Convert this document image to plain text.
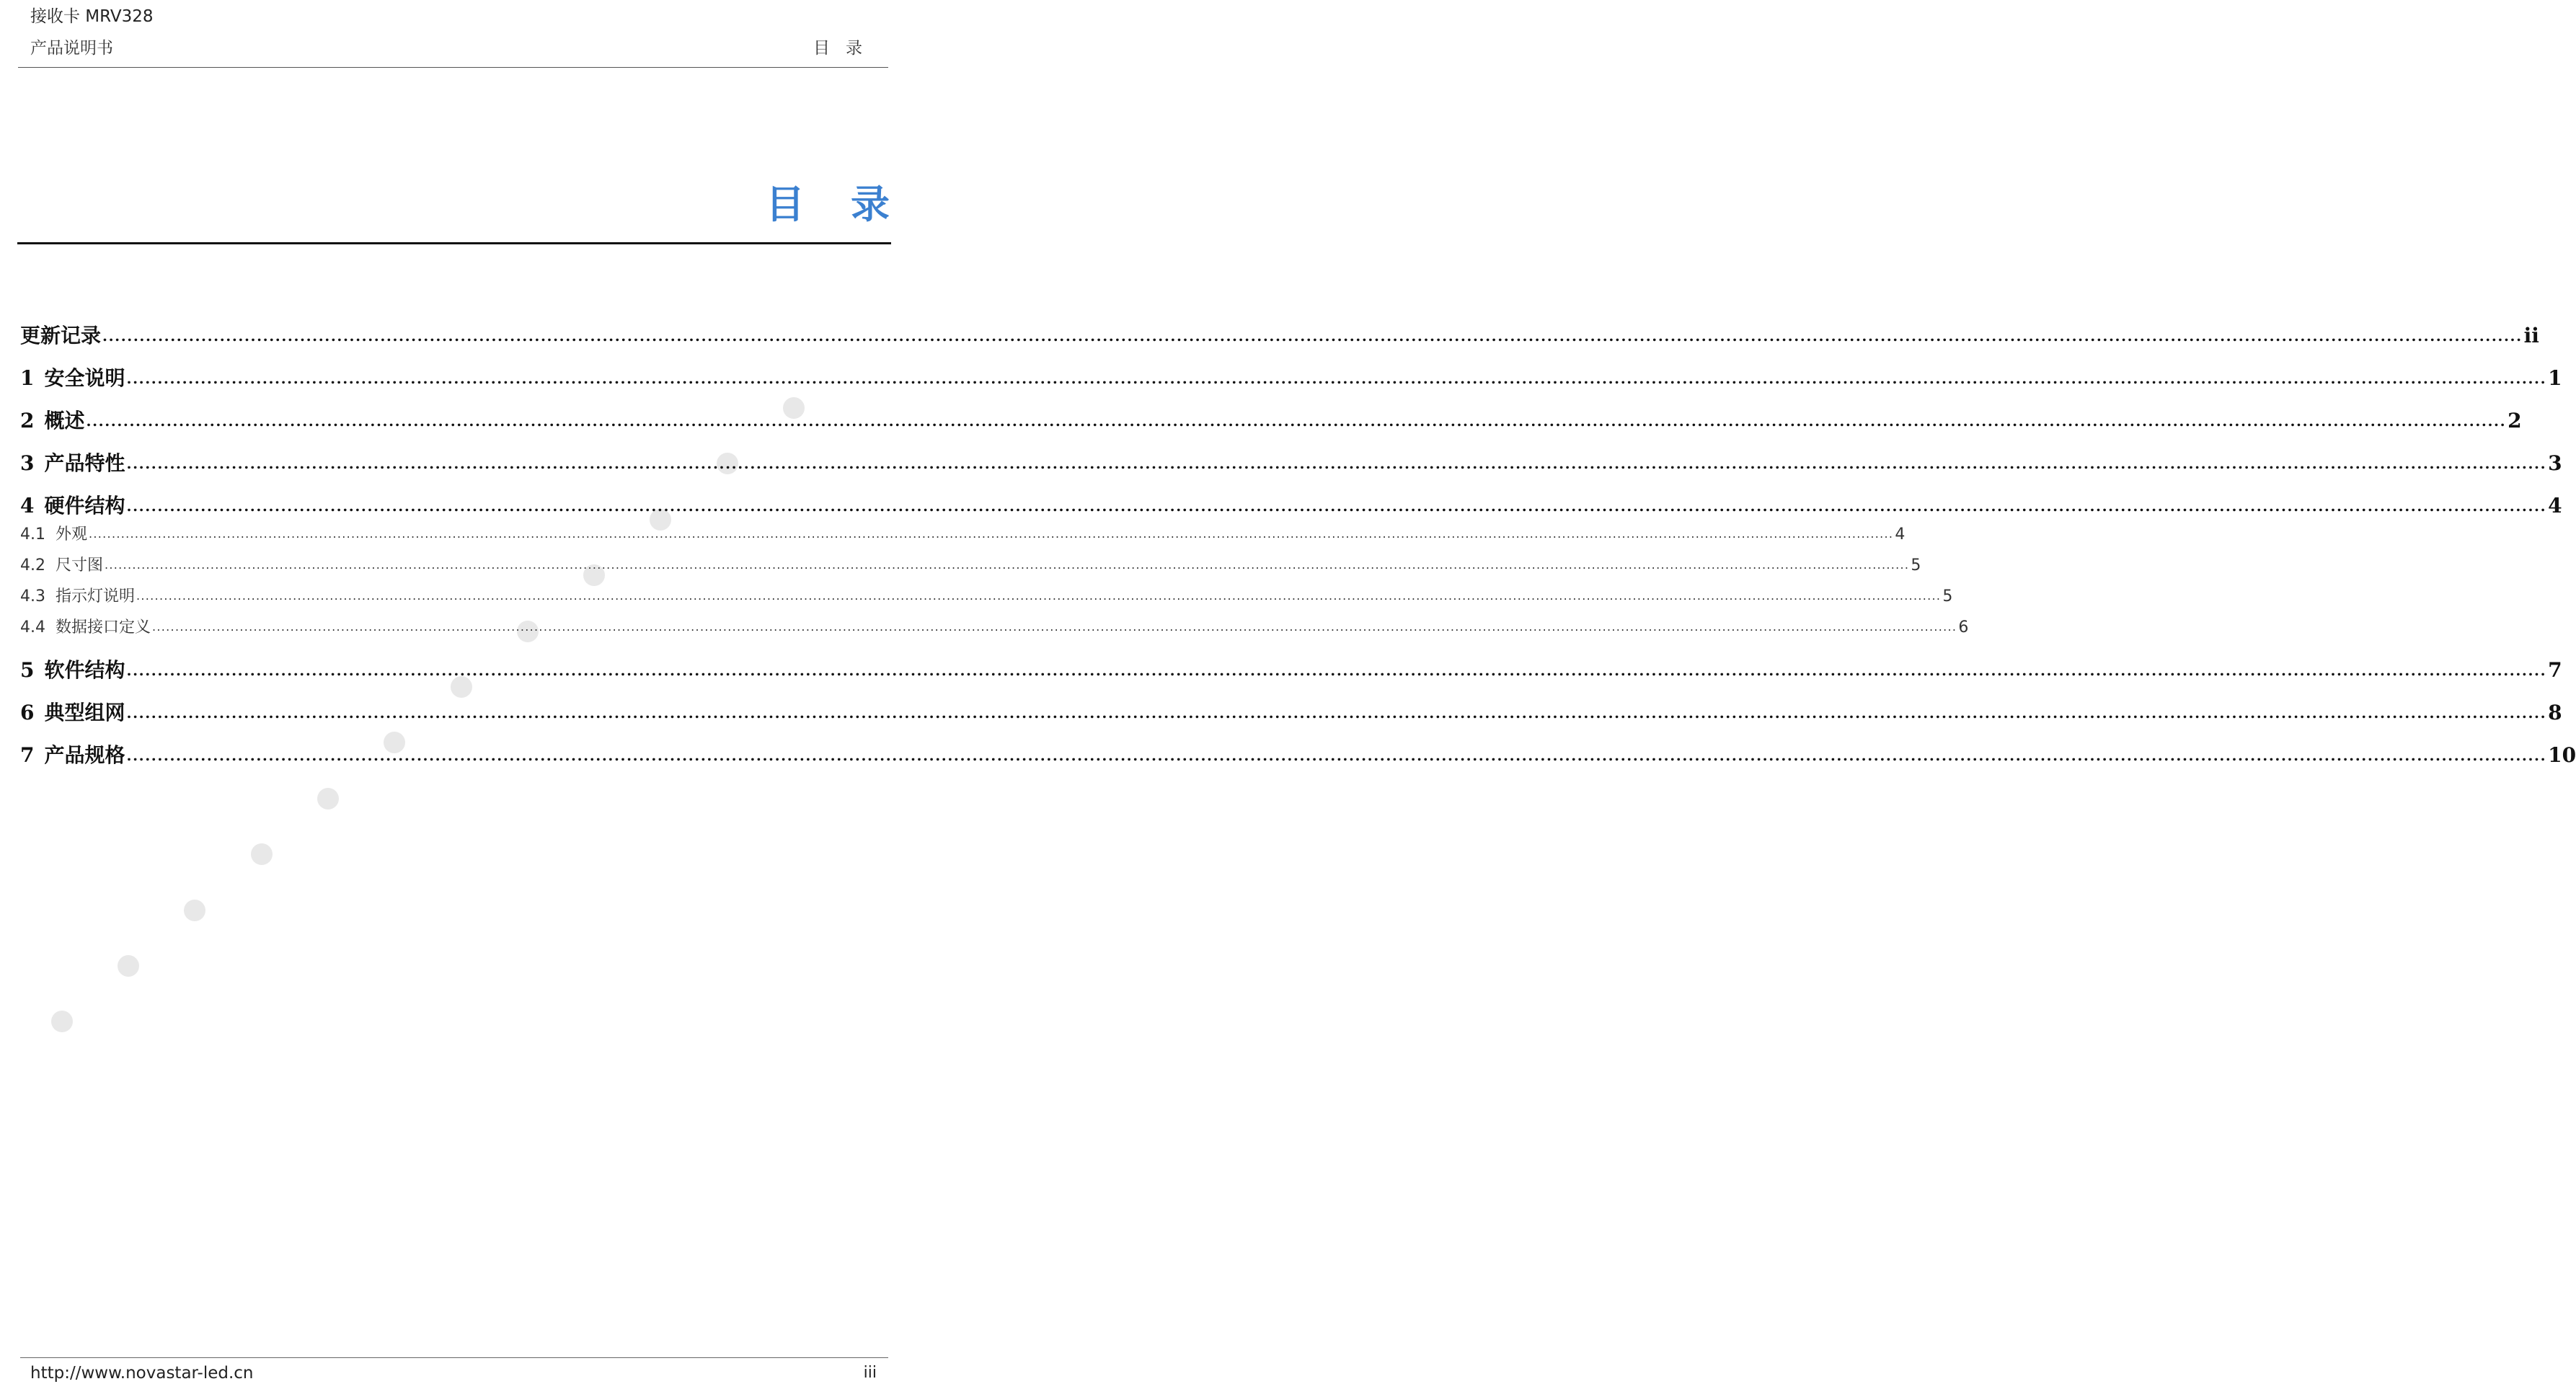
接收卡 MRV328
产品说明书	目录
目录
更新记录 .....	ii
1 安全说明 .....	1
2 概述 .....	2
3 产品特性 .....	3
4 硬件结构 .....	4
4.1 外观 .....	4
4.2 尺寸图 .....	5
4.3 指示灯说明 .....	5
4.4 数据接口定义 .....	6
5 软件结构 .....	7
6 典型组网 .....	8
7 产品规格 .....	10
http://www.novastar-led.cn	iii
